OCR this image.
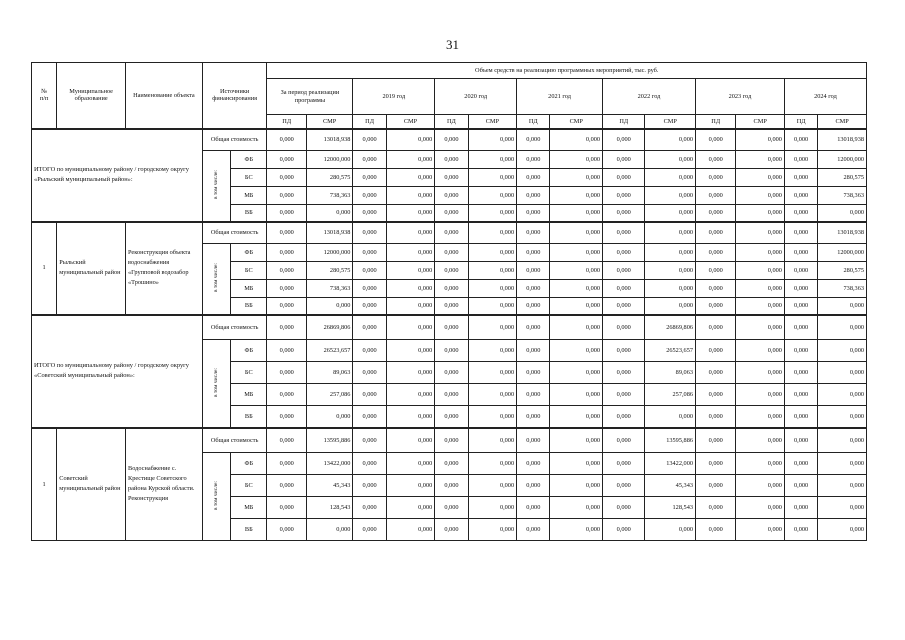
31
№
п/п	Муниципальное образование	Наименование объекта	Источники финансирования		Объем средств на реализацию программных мероприятий, тыс. руб.													
					За период реализации программы		2019 год		2020 год		2021 год		2022 год		2023 год		2024 год	
					ПД	СМР	ПД	СМР	ПД	СМР	ПД	СМР	ПД	СМР	ПД	СМР	ПД	СМР
ИТОГО по муниципальному району / городскому округу «Рыльский муниципальный район»:			Общая стоимость		0,000	13018,938	0,000	0,000	0,000	0,000	0,000	0,000	0,000	0,000	0,000	0,000	0,000	13018,938
			в том числе:	ФБ	0,000	12000,000	0,000	0,000	0,000	0,000	0,000	0,000	0,000	0,000	0,000	0,000	0,000	12000,000
				БС	0,000	280,575	0,000	0,000	0,000	0,000	0,000	0,000	0,000	0,000	0,000	0,000	0,000	280,575
				МБ	0,000	738,363	0,000	0,000	0,000	0,000	0,000	0,000	0,000	0,000	0,000	0,000	0,000	738,363
				ВБ	0,000	0,000	0,000	0,000	0,000	0,000	0,000	0,000	0,000	0,000	0,000	0,000	0,000	0,000
1	Рыльский муниципальный район	Реконструкция объекта водоснабжения «Групповой водозабор «Трошино»	Общая стоимость		0,000	13018,938	0,000	0,000	0,000	0,000	0,000	0,000	0,000	0,000	0,000	0,000	0,000	13018,938
			в том числе:	ФБ	0,000	12000,000	0,000	0,000	0,000	0,000	0,000	0,000	0,000	0,000	0,000	0,000	0,000	12000,000
				БС	0,000	280,575	0,000	0,000	0,000	0,000	0,000	0,000	0,000	0,000	0,000	0,000	0,000	280,575
				МБ	0,000	738,363	0,000	0,000	0,000	0,000	0,000	0,000	0,000	0,000	0,000	0,000	0,000	738,363
				ВБ	0,000	0,000	0,000	0,000	0,000	0,000	0,000	0,000	0,000	0,000	0,000	0,000	0,000	0,000
ИТОГО по муниципальному району / городскому округу «Советский муниципальный район»:			Общая стоимость		0,000	26869,806	0,000	0,000	0,000	0,000	0,000	0,000	0,000	26869,806	0,000	0,000	0,000	0,000
			в том числе:	ФБ	0,000	26523,657	0,000	0,000	0,000	0,000	0,000	0,000	0,000	26523,657	0,000	0,000	0,000	0,000
				БС	0,000	89,063	0,000	0,000	0,000	0,000	0,000	0,000	0,000	89,063	0,000	0,000	0,000	0,000
				МБ	0,000	257,086	0,000	0,000	0,000	0,000	0,000	0,000	0,000	257,086	0,000	0,000	0,000	0,000
				ВБ	0,000	0,000	0,000	0,000	0,000	0,000	0,000	0,000	0,000	0,000	0,000	0,000	0,000	0,000
1	Советский муниципальный район	Водоснабжение с. Крестище Советского района Курской области. Реконструкция	Общая стоимость		0,000	13595,886	0,000	0,000	0,000	0,000	0,000	0,000	0,000	13595,886	0,000	0,000	0,000	0,000
			в том числе:	ФБ	0,000	13422,000	0,000	0,000	0,000	0,000	0,000	0,000	0,000	13422,000	0,000	0,000	0,000	0,000
				БС	0,000	45,343	0,000	0,000	0,000	0,000	0,000	0,000	0,000	45,343	0,000	0,000	0,000	0,000
				МБ	0,000	128,543	0,000	0,000	0,000	0,000	0,000	0,000	0,000	128,543	0,000	0,000	0,000	0,000
				ВБ	0,000	0,000	0,000	0,000	0,000	0,000	0,000	0,000	0,000	0,000	0,000	0,000	0,000	0,000
